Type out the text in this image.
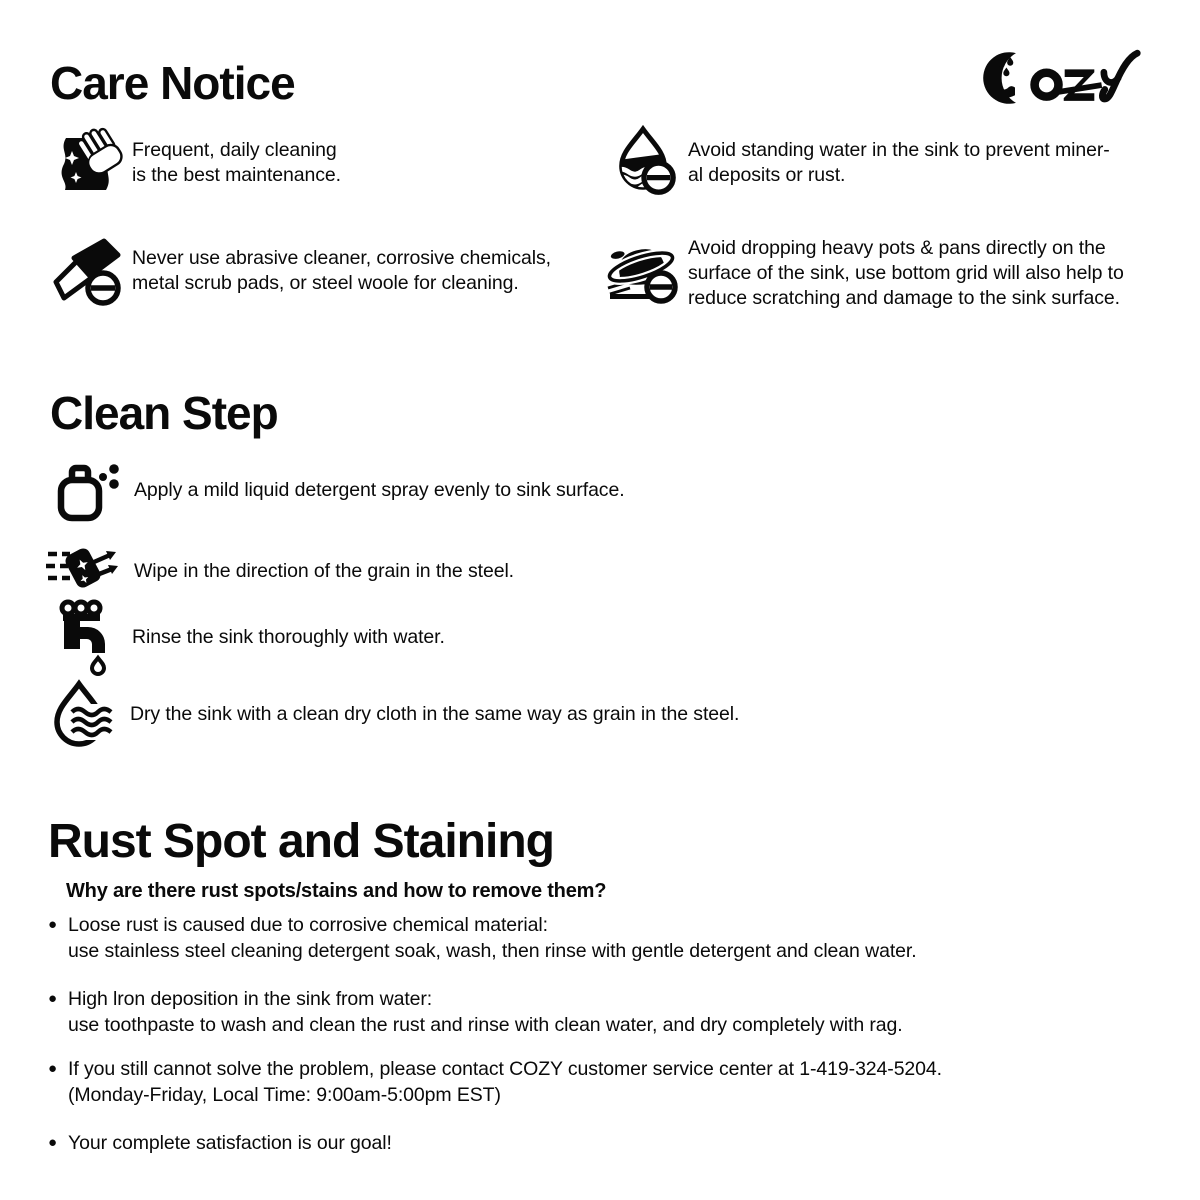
Care Notice
Frequent, daily cleaning
is the best maintenance.
Avoid standing water in the sink to prevent miner-
al deposits or rust.
Never use abrasive cleaner, corrosive chemicals,
metal scrub pads, or steel woole for cleaning.
Avoid dropping heavy pots & pans directly on the
surface of the sink, use bottom grid will also help to
reduce scratching and damage to the sink surface.
Clean Step
Apply a mild liquid detergent spray evenly to sink surface.
Wipe in the direction of the grain in the steel.
Rinse the sink thoroughly with water.
Dry the sink with a clean dry cloth in the same way as grain in the steel.
Rust Spot and Staining
Why are there rust spots/stains and how to remove them?
● Loose rust is caused due to corrosive chemical material:
use stainless steel cleaning detergent soak, wash, then rinse with gentle detergent and clean water.
● High lron deposition in the sink from water:
use toothpaste to wash and clean the rust and rinse with clean water, and dry completely with rag.
● If you still cannot solve the problem, please contact COZY customer service center at 1-419-324-5204.
(Monday-Friday, Local Time: 9:00am-5:00pm EST)
● Your complete satisfaction is our goal!
